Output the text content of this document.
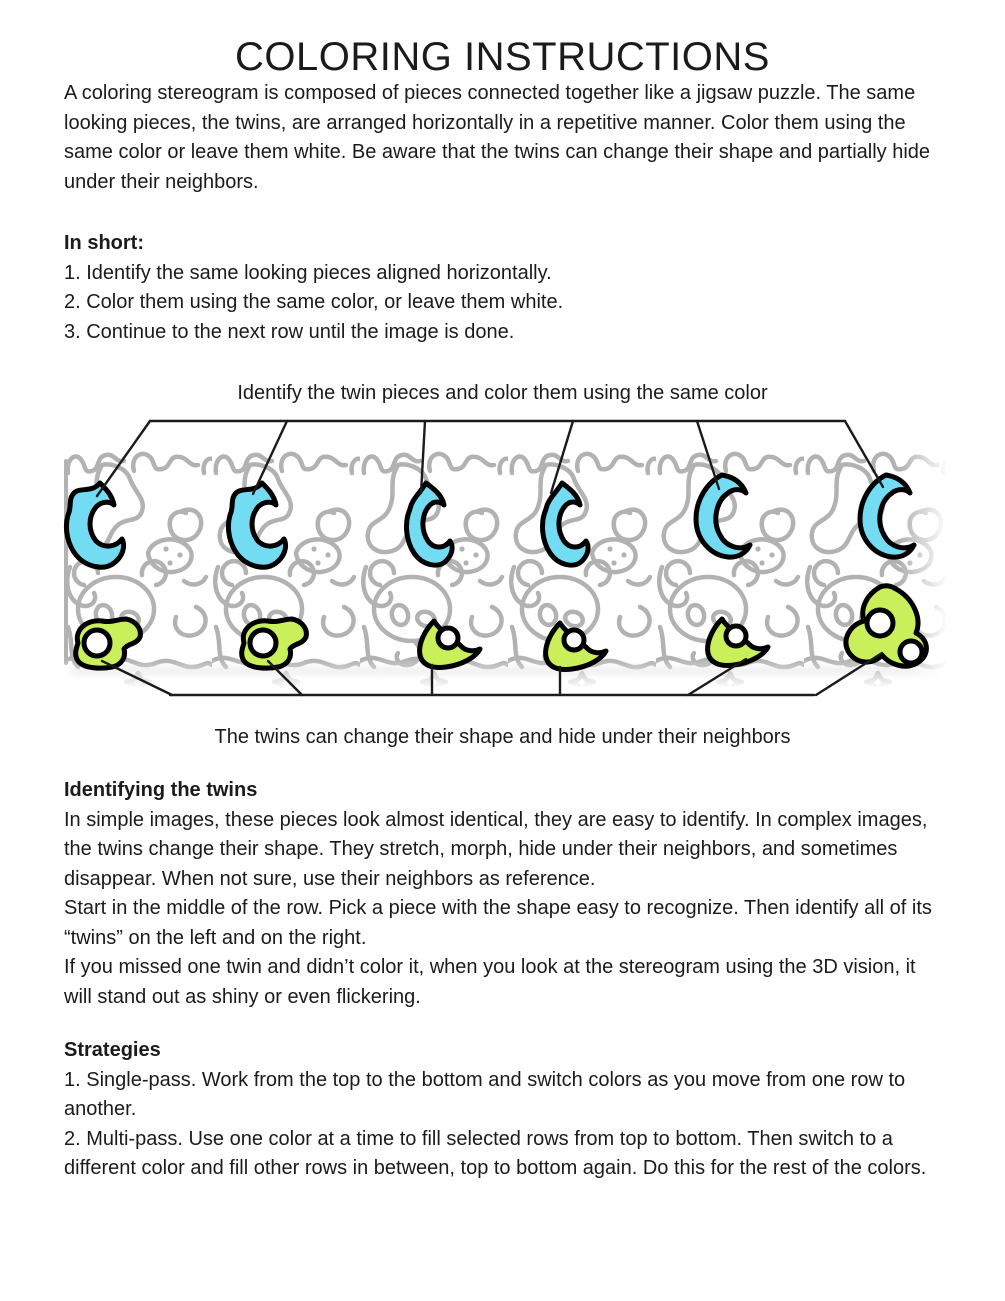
COLORING INSTRUCTIONS

A coloring stereogram is composed of pieces connected together like a jigsaw puzzle. The same looking pieces, the twins, are arranged horizontally in a repetitive manner. Color them using the same color or leave them white. Be aware that the twins can change their shape and partially hide under their neighbors.

In short:

1. Identify the same looking pieces aligned horizontally.

2. Color them using the same color, or leave them white.

3. Continue to the next row until the image is done.

Identify the twin pieces and color them using the same color

The twins can change their shape and hide under their neighbors

Identifying the twins

In simple images, these pieces look almost identical, they are easy to identify. In complex images, the twins change their shape. They stretch, morph, hide under their neighbors, and sometimes disappear. When not sure, use their neighbors as reference.

Start in the middle of the row. Pick a piece with the shape easy to recognize. Then identify all of its “twins” on the left and on the right.

If you missed one twin and didn’t color it, when you look at the stereogram using the 3D vision, it will stand out as shiny or even flickering.

Strategies

1. Single-pass. Work from the top to the bottom and switch colors as you move from one row to another.

2. Multi-pass. Use one color at a time to fill selected rows from top to bottom. Then switch to a different color and fill other rows in between, top to bottom again. Do this for the rest of the colors.
